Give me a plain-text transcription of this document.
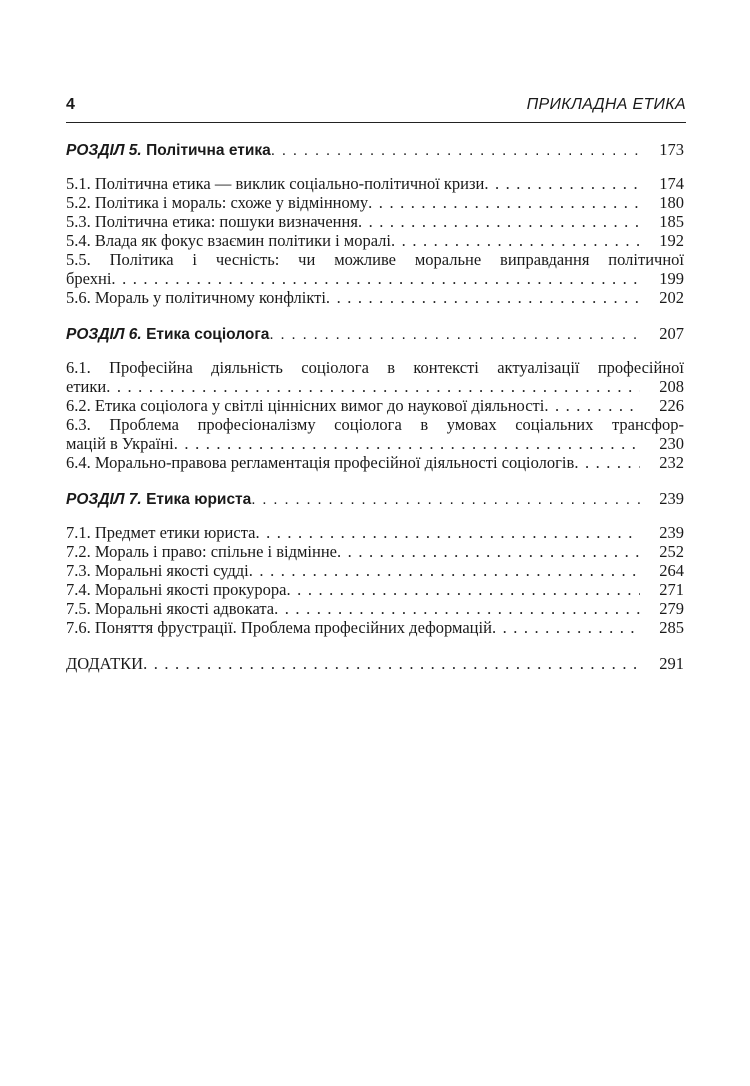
4	ПРИКЛАДНА ЕТИКА
РОЗДІЛ 5. Політична етика . . .	173
5.1. Політична етика — виклик соціально-політичної кризи . . .	174
5.2. Політика і мораль: схоже у відмінному . . .	180
5.3. Політична етика: пошуки визначення . . .	185
5.4. Влада як фокус взаємин політики і моралі . . .	192
5.5. Політика і чесність: чи можливе моральне виправдання політичної
брехні . . .	199
5.6. Мораль у політичному конфлікті . . .	202
РОЗДІЛ 6. Етика соціолога . . .	207
6.1. Професійна діяльність соціолога в контексті актуалізації професійної
етики . . .	208
6.2. Етика соціолога у світлі ціннісних вимог до наукової діяльності . . .	226
6.3. Проблема професіоналізму соціолога в умовах соціальних трансфор-
мацій в Україні . . .	230
6.4. Морально-правова регламентація професійної діяльності соціологів . . .	232
РОЗДІЛ 7. Етика юриста . . .	239
7.1. Предмет етики юриста . . .	239
7.2. Мораль і право: спільне і відмінне . . .	252
7.3. Моральні якості судді . . .	264
7.4. Моральні якості прокурора . . .	271
7.5. Моральні якості адвоката . . .	279
7.6. Поняття фрустрації. Проблема професійних деформацій . . .	285
ДОДАТКИ . . .	291
